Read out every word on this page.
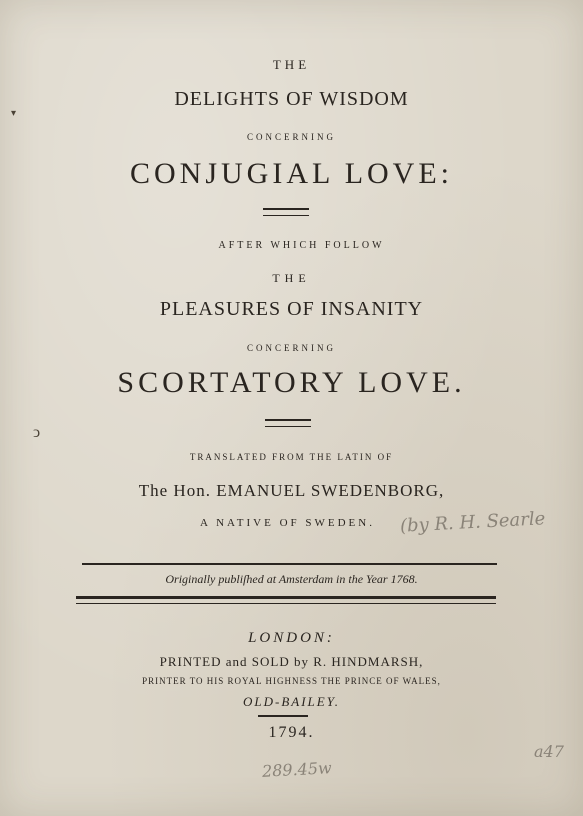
THE
DELIGHTS OF WISDOM
CONCERNING
CONJUGIAL LOVE:
AFTER WHICH FOLLOW
THE
PLEASURES OF INSANITY
CONCERNING
SCORTATORY LOVE.
TRANSLATED FROM THE LATIN OF
The Hon. EMANUEL SWEDENBORG,
A NATIVE OF SWEDEN.	(by R. H. Searle
Originally publiſhed at Amsterdam in the Year 1768.
LONDON:
PRINTED and SOLD by R. HINDMARSH,
PRINTER TO HIS ROYAL HIGHNESS THE PRINCE OF WALES,
OLD-BAILEY.
1794.
a47
289.45w
▾
ↄ
